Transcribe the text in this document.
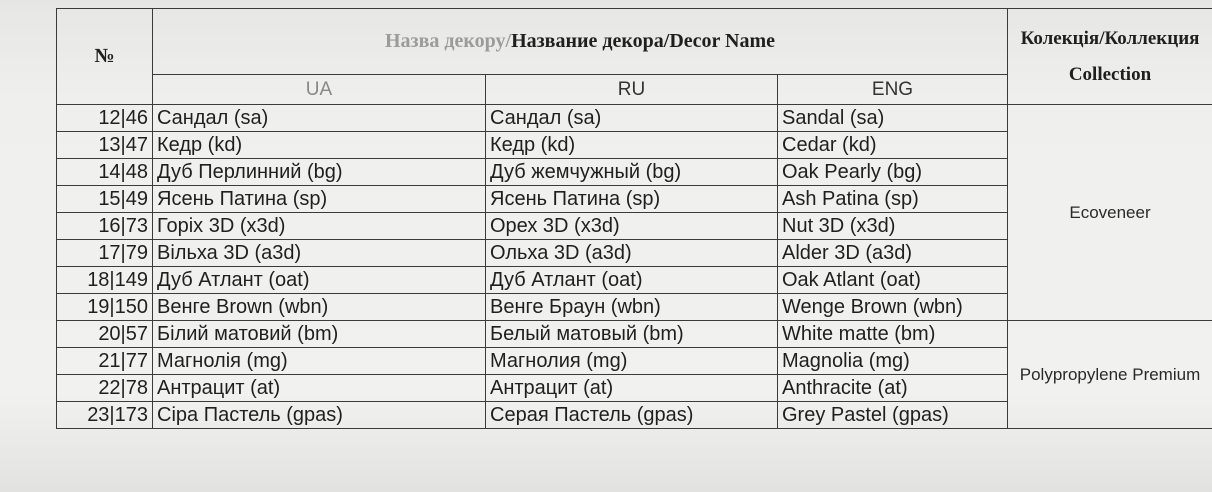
№	Назва декору/Название декора/Decor Name			Колекція/Коллекция
Collection

	UA	RU	ENG	
12|46	Сандал (sa)	Сандал (sa)	Sandal (sa)	Ecoveneer
13|47	Кедр (kd)	Кедр (kd)	Cedar (kd)	
14|48	Дуб Перлинний (bg)	Дуб жемчужный (bg)	Oak Pearly (bg)	
15|49	Ясень Патина (sp)	Ясень Патина (sp)	Ash Patina (sp)	
16|73	Горіх 3D (x3d)	Орех 3D (x3d)	Nut 3D (x3d)	
17|79	Вільха 3D (a3d)	Ольха 3D (a3d)	Alder 3D (a3d)	
18|149	Дуб Атлант (oat)	Дуб Атлант (oat)	Oak Atlant (oat)	
19|150	Венге Brown (wbn)	Венге Браун (wbn)	Wenge Brown (wbn)	
20|57	Білий матовий (bm)	Белый матовый (bm)	White matte (bm)	Polypropylene Premium
21|77	Магнолія (mg)	Магнолия (mg)	Magnolia (mg)	
22|78	Антрацит (at)	Антрацит (at)	Anthracite (at)	
23|173	Сіра Пастель (gpas)	Серая Пастель (gpas)	Grey Pastel (gpas)	
